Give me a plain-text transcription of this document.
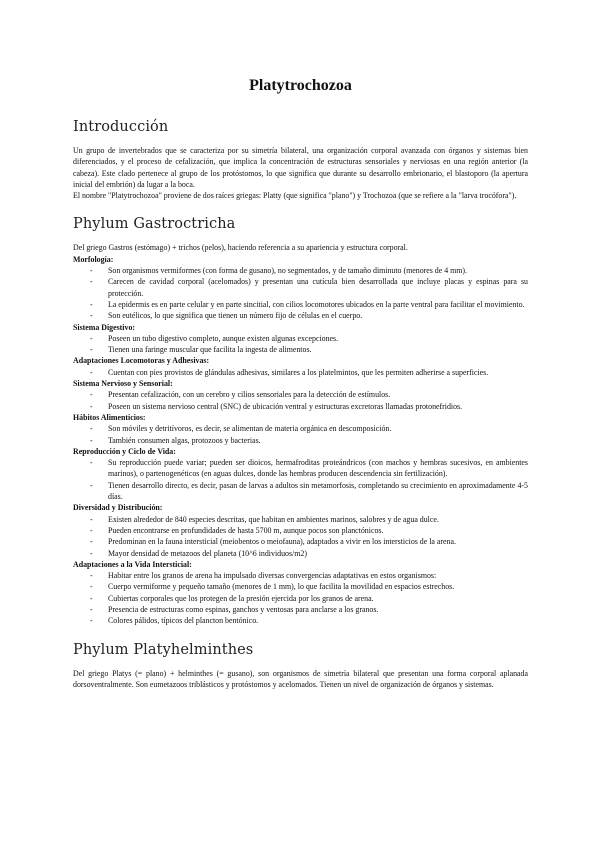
Platytrochozoa
Introducción

Un grupo de invertebrados que se caracteriza por su simetría bilateral, una organización corporal avanzada con órganos y sistemas bien diferenciados, y el proceso de cefalización, que implica la concentración de estructuras sensoriales y nerviosas en una región anterior (la cabeza). Este clado pertenece al grupo de los protóstomos, lo que significa que durante su desarrollo embrionario, el blastoporo (la apertura inicial del embrión) da lugar a la boca.

El nombre "Platytrochozoa" proviene de dos raíces griegas: Platty (que significa "plano") y Trochozoa (que se refiere a la "larva trocófora").

Phylum Gastroctricha

Del griego Gastros (estómago) + trichos (pelos), haciendo referencia a su apariencia y estructura corporal.

Morfología:

- Son organismos vermiformes (con forma de gusano), no segmentados, y de tamaño diminuto (menores de 4 mm).
- Carecen de cavidad corporal (acelomados) y presentan una cutícula bien desarrollada que incluye placas y espinas para su protección.
- La epidermis es en parte celular y en parte sincitial, con cilios locomotores ubicados en la parte ventral para facilitar el movimiento.
- Son eutélicos, lo que significa que tienen un número fijo de células en el cuerpo.

Sistema Digestivo:

- Poseen un tubo digestivo completo, aunque existen algunas excepciones.
- Tienen una faringe muscular que facilita la ingesta de alimentos.

Adaptaciones Locomotoras y Adhesivas:

- Cuentan con pies provistos de glándulas adhesivas, similares a los platelmintos, que les permiten adherirse a superficies.

Sistema Nervioso y Sensorial:

- Presentan cefalización, con un cerebro y cilios sensoriales para la detección de estímulos.
- Poseen un sistema nervioso central (SNC) de ubicación ventral y estructuras excretoras llamadas protonefridios.

Hábitos Alimenticios:

- Son móviles y detritívoros, es decir, se alimentan de materia orgánica en descomposición.
- También consumen algas, protozoos y bacterias.

Reproducción y Ciclo de Vida:

- Su reproducción puede variar; pueden ser dioicos, hermafroditas proteándricos (con machos y hembras sucesivos, en ambientes marinos), o partenogenéticos (en aguas dulces, donde las hembras producen descendencia sin fertilización).
- Tienen desarrollo directo, es decir, pasan de larvas a adultos sin metamorfosis, completando su crecimiento en aproximadamente 4-5 días.

Diversidad y Distribución:

- Existen alrededor de 840 especies descritas, que habitan en ambientes marinos, salobres y de agua dulce.
- Pueden encontrarse en profundidades de hasta 5700 m, aunque pocos son planctónicos.
- Predominan en la fauna intersticial (meiobentos o meiofauna), adaptados a vivir en los intersticios de la arena.
- Mayor densidad de metazoos del planeta (10^6 individuos/m2)

Adaptaciones a la Vida Intersticial:

- Habitar entre los granos de arena ha impulsado diversas convergencias adaptativas en estos organismos:
- Cuerpo vermiforme y pequeño tamaño (menores de 1 mm), lo que facilita la movilidad en espacios estrechos.
- Cubiertas corporales que los protegen de la presión ejercida por los granos de arena.
- Presencia de estructuras como espinas, ganchos y ventosas para anclarse a los granos.
- Colores pálidos, típicos del plancton bentónico.
Phylum Platyhelminthes

Del griego Platys (= plano) + helminthes (= gusano), son organismos de simetría bilateral que presentan una forma corporal aplanada dorsoventralmente. Son eumetazoos triblásticos y protóstomos y acelomados. Tienen un nivel de organización de órganos y sistemas.
